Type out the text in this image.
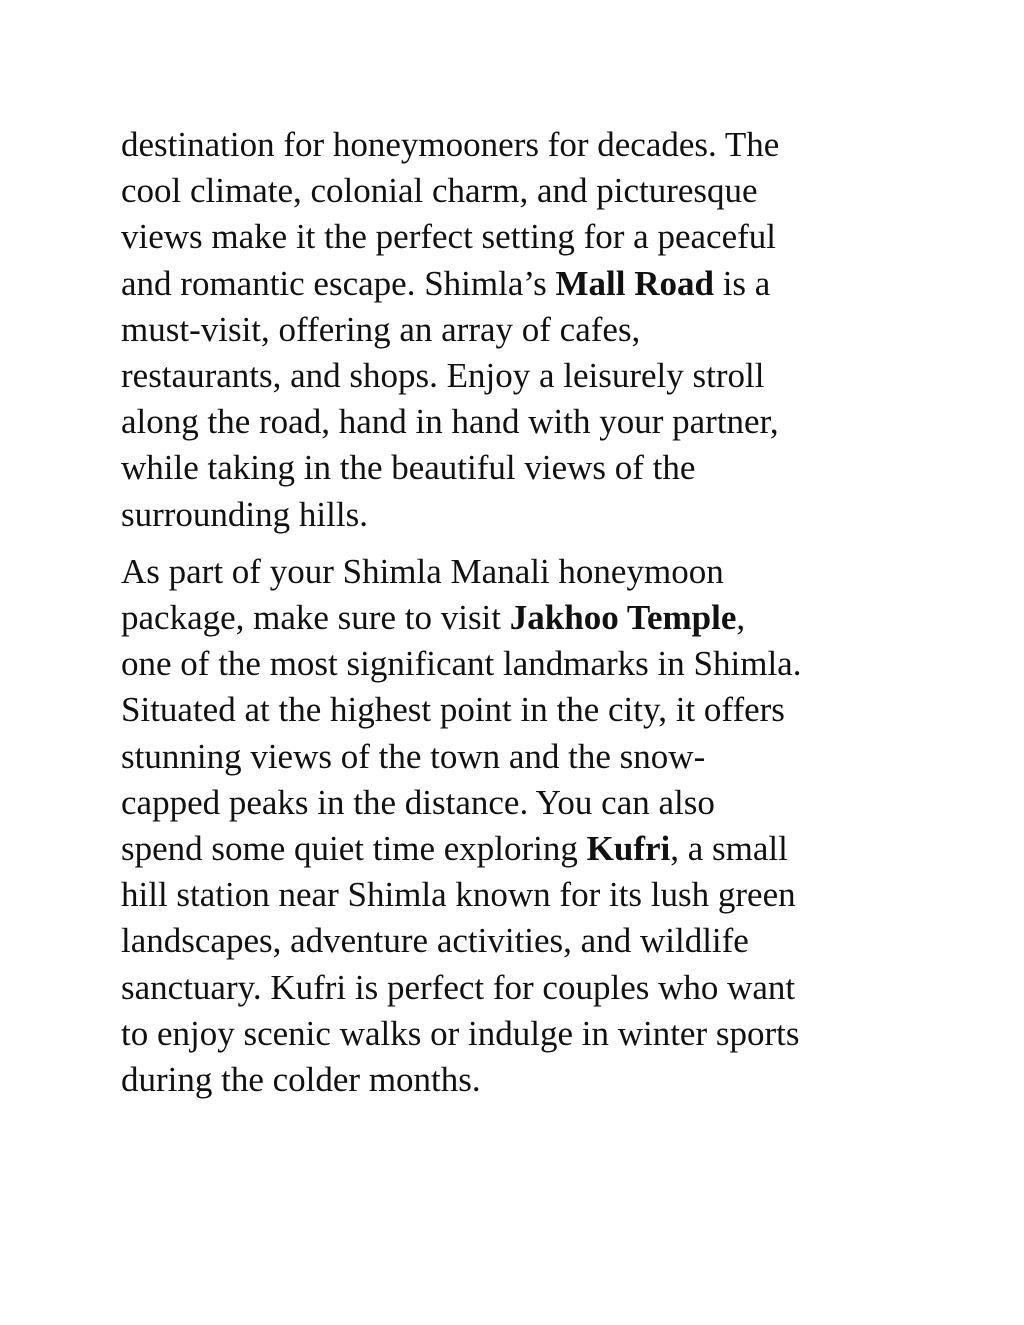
destination for honeymooners for decades. The
cool climate, colonial charm, and picturesque
views make it the perfect setting for a peaceful
and romantic escape. Shimla’s Mall Road is a
must-visit, offering an array of cafes,
restaurants, and shops. Enjoy a leisurely stroll
along the road, hand in hand with your partner,
while taking in the beautiful views of the
surrounding hills.

As part of your Shimla Manali honeymoon
package, make sure to visit Jakhoo Temple,
one of the most significant landmarks in Shimla.
Situated at the highest point in the city, it offers
stunning views of the town and the snow-
capped peaks in the distance. You can also
spend some quiet time exploring Kufri, a small
hill station near Shimla known for its lush green
landscapes, adventure activities, and wildlife
sanctuary. Kufri is perfect for couples who want
to enjoy scenic walks or indulge in winter sports
during the colder months.
